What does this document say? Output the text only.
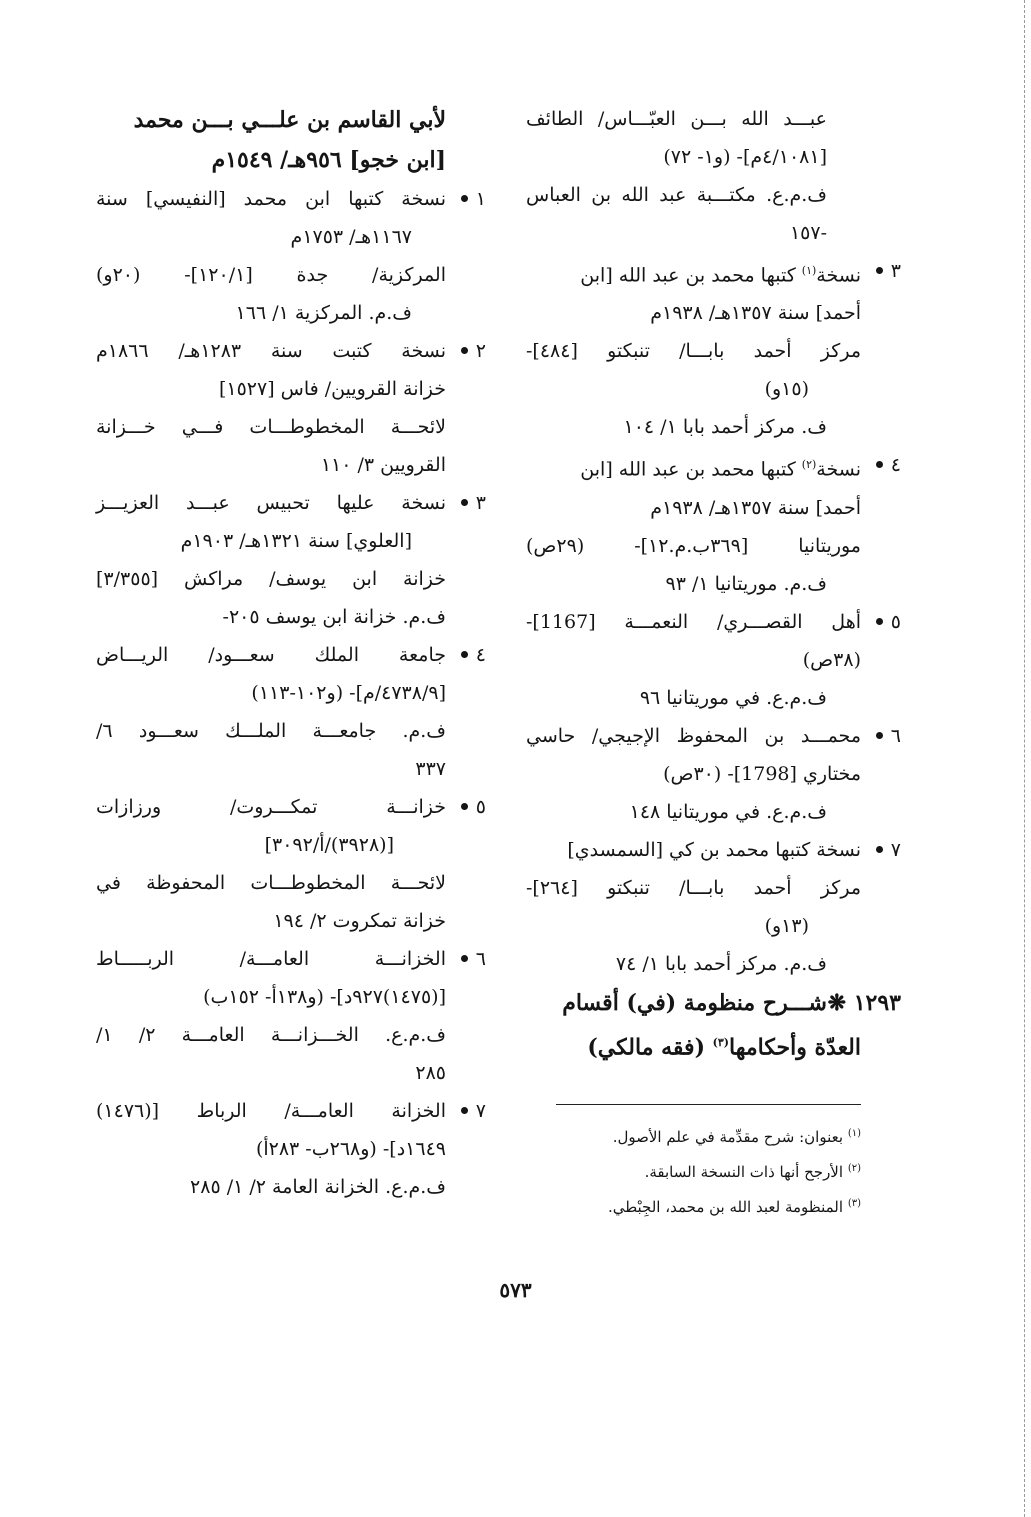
عبـــد الله بـــن العبّـــاس/ الطائف
[٤/١٠٨١م]- (و١- ٧٢)
ف.م.ع. مكتـــبة عبد الله بن العباس
-١٥٧
٣
نسخة$^{(١)}$ كتبها محمد بن عبد الله [ابن
أحمد] سنة ١٣٥٧هـ/ ١٩٣٨م
مركز أحمد بابـــا/ تنبكتو [٤٨٤]-
(١٥و)
ف. مركز أحمد بابا ١/ ١٠٤
٤
نسخة$^{(٢)}$ كتبها محمد بن عبد الله [ابن
أحمد] سنة ١٣٥٧هـ/ ١٩٣٨م
موريتانيا [٣٦٩ب.م.١٢]- (٢٩ص)
ف.م. موريتانيا ١/ ٩٣
٥
أهل القصـــري/ النعمـــة [1167]-
(٣٨ص)
ف.م.ع. في موريتانيا ٩٦
٦
محمـــد بن المحفوظ الإجيجي/ حاسي
مختاري [1798]- (٣٠ص)
ف.م.ع. في موريتانيا ١٤٨
٧
نسخة كتبها محمد بن كي [السمسدي]
مركز أحمد بابـــا/ تنبكتو [٢٦٤]-
(١٣و)
ف.م. مركز أحمد بابا ١/ ٧٤
١٢٩٣ ❋
شـــرح منظومة (في) أقسام
العدّة وأحكامها$^{(٣)}$ (فقه مالكي)
لأبي القاسم بن علـــي بـــن محمد
[ابن خجو] ٩٥٦هـ/ ١٥٤٩م
١
نسخة كتبها ابن محمد [النفيسي] سنة
١١٦٧هـ/ ١٧٥٣م
المركزية/ جدة [١٢٠/١]- (٢٠و)
ف.م. المركزية ١/ ١٦٦
٢
نسخة كتبت سنة ١٢٨٣هـ/ ١٨٦٦م
خزانة القرويين/ فاس [١٥٢٧]
لائحـــة المخطوطـــات فـــي خـــزانة
القرويين ٣/ ١١٠
٣
نسخة عليها تحبيس عبـــد العزيـــز
[العلوي] سنة ١٣٢١هـ/ ١٩٠٣م
خزانة ابن يوسف/ مراكش [٣/٣٥٥]
ف.م. خزانة ابن يوسف ٢٠٥-
٤
جامعة الملك سعـــود/ الريـــاض
[٤٧٣٨/٩/م]- (و١٠٢-١١٣)
ف.م. جامعـــة الملـــك سعـــود ٦/
٣٣٧
٥
خزانـــة تمكـــروت/ ورزازات
[(٣٩٢٨)/أ/٣٠٩٢]
لائحـــة المخطوطـــات المحفوظة في
خزانة تمكروت ٢/ ١٩٤
٦
الخزانـــة العامـــة/ الربـــــاط
[(١٤٧٥)٩٢٧د]- (و١٣٨أ- ١٥٢ب)
ف.م.ع. الخـــزانـــة العامـــة ٢/ ١/
٢٨٥
٧
الخزانة العامـــة/ الرباط [(١٤٧٦)
١٦٤٩د]- (و٢٦٨ب- ٢٨٣أ)
ف.م.ع. الخزانة العامة ٢/ ١/ ٢٨٥
$^{(١)}$ بعنوان: شرح مقدِّمة في علم الأصول.
$^{(٢)}$ الأرجح أنها ذات النسخة السابقة.
$^{(٣)}$ المنظومة لعبد الله بن محمد، الجِبْطي.
٥٧٣
